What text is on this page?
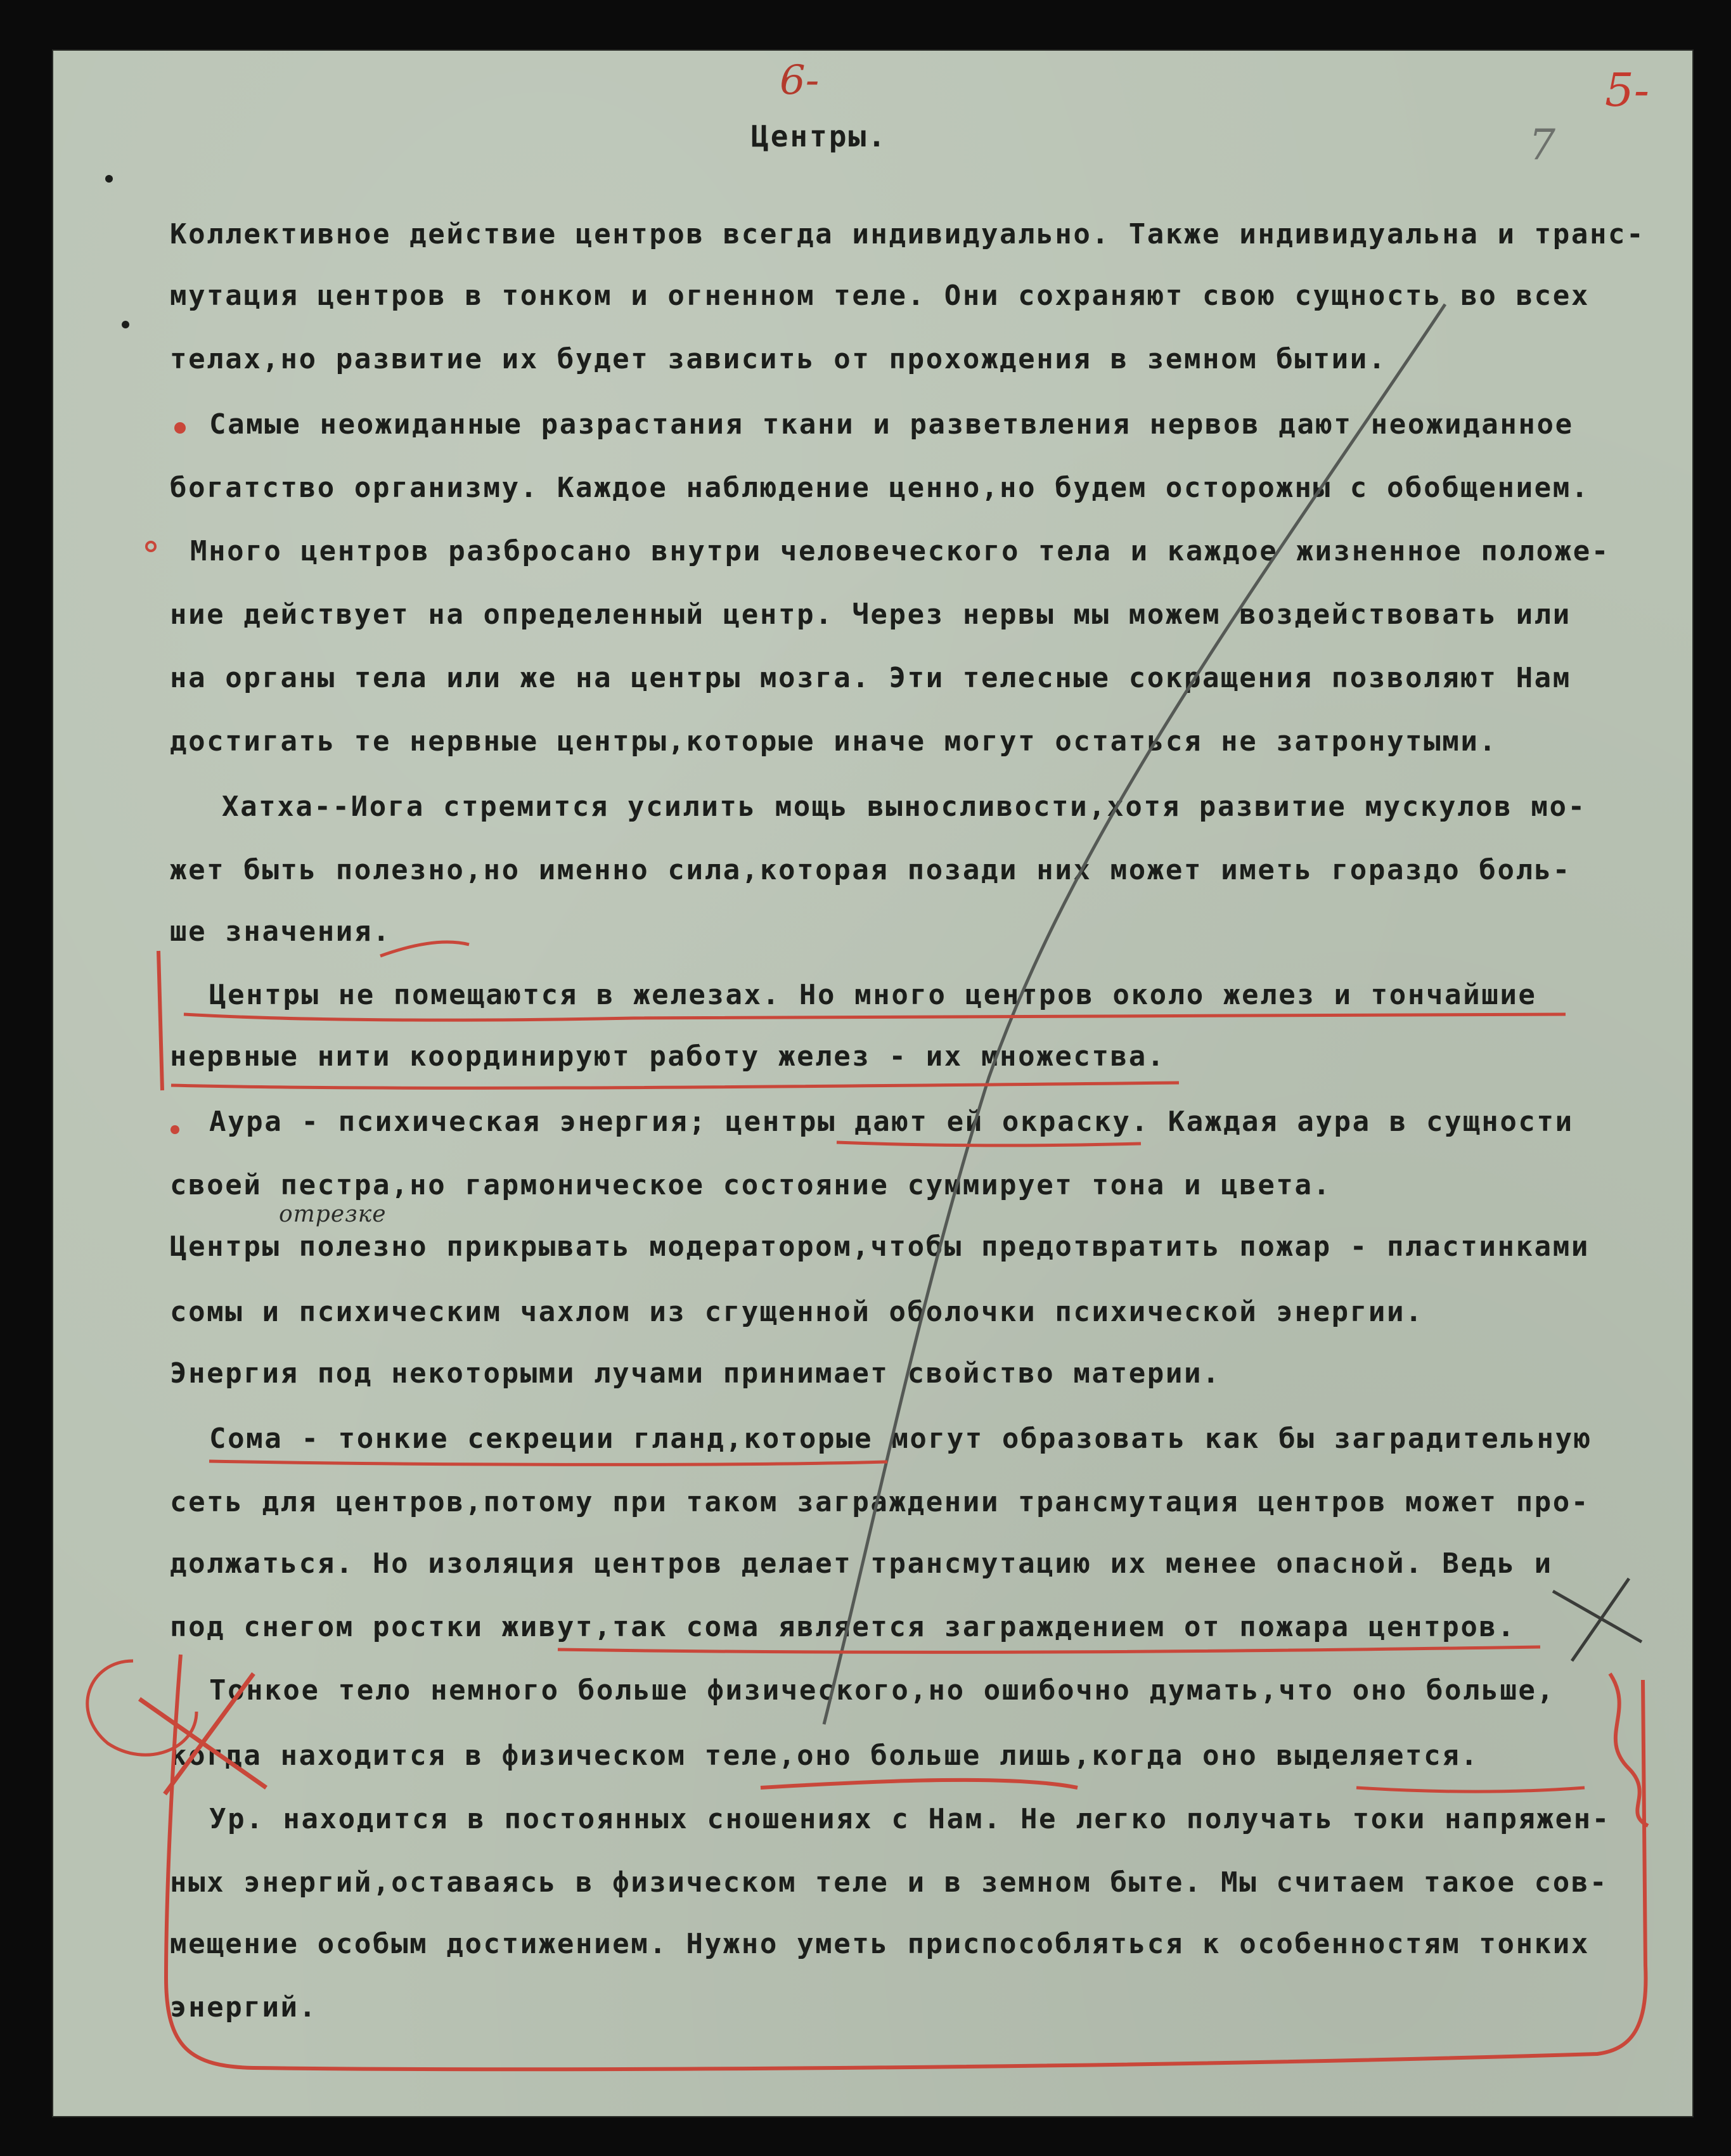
6-	5-
7
Центры.
Коллективное действие центров всегда индивидуально. Также индивидуальна и транс-
мутация центров в тонком и огненном теле. Они сохраняют свою сущность во всех
телах,но развитие их будет зависить от прохождения в земном бытии.
Самые неожиданные разрастания ткани и разветвления нервов дают неожиданное
богатство организму. Каждое наблюдение ценно,но будем осторожны с обобщением.
Много центров разбросано внутри человеческого тела и каждое жизненное положе-
ние действует на определенный центр. Через нервы мы можем воздействовать или
на органы тела или же на центры мозга. Эти телесные сокращения позволяют Нам
достигать те нервные центры,которые иначе могут остаться не затронутыми.
Хатха--Иога стремится усилить мощь выносливости,хотя развитие мускулов мо-
жет быть полезно,но именно сила,которая позади них может иметь гораздо боль-
ше значения.
Центры не помещаются в железах. Но много центров около желез и тончайшие
нервные нити координируют работу желез - их множества.
Аура - психическая энергия; центры дают ей окраску. Каждая аура в сущности
своей пестра,но гармоническое состояние суммирует тона и цвета.
Центры полезно прикрывать модератором,чтобы предотвратить пожар - пластинками
сомы и психическим чахлом из сгущенной оболочки психической энергии.
Энергия под некоторыми лучами принимает свойство материи.
Сома - тонкие секреции гланд,которые могут образовать как бы заградительную
сеть для центров,потому при таком заграждении трансмутация центров может про-
должаться. Но изоляция центров делает трансмутацию их менее опасной. Ведь и
под снегом ростки живут,так сома является заграждением от пожара центров.
Тонкое тело немного больше физического,но ошибочно думать,что оно больше,
когда находится в физическом теле,оно больше лишь,когда оно выделяется.
Ур. находится в постоянных сношениях с Нам. Не легко получать токи напряжен-
ных энергий,оставаясь в физическом теле и в земном быте. Мы считаем такое сов-
мещение особым достижением. Нужно уметь приспособляться к особенностям тонких
энергий.
отрезке
